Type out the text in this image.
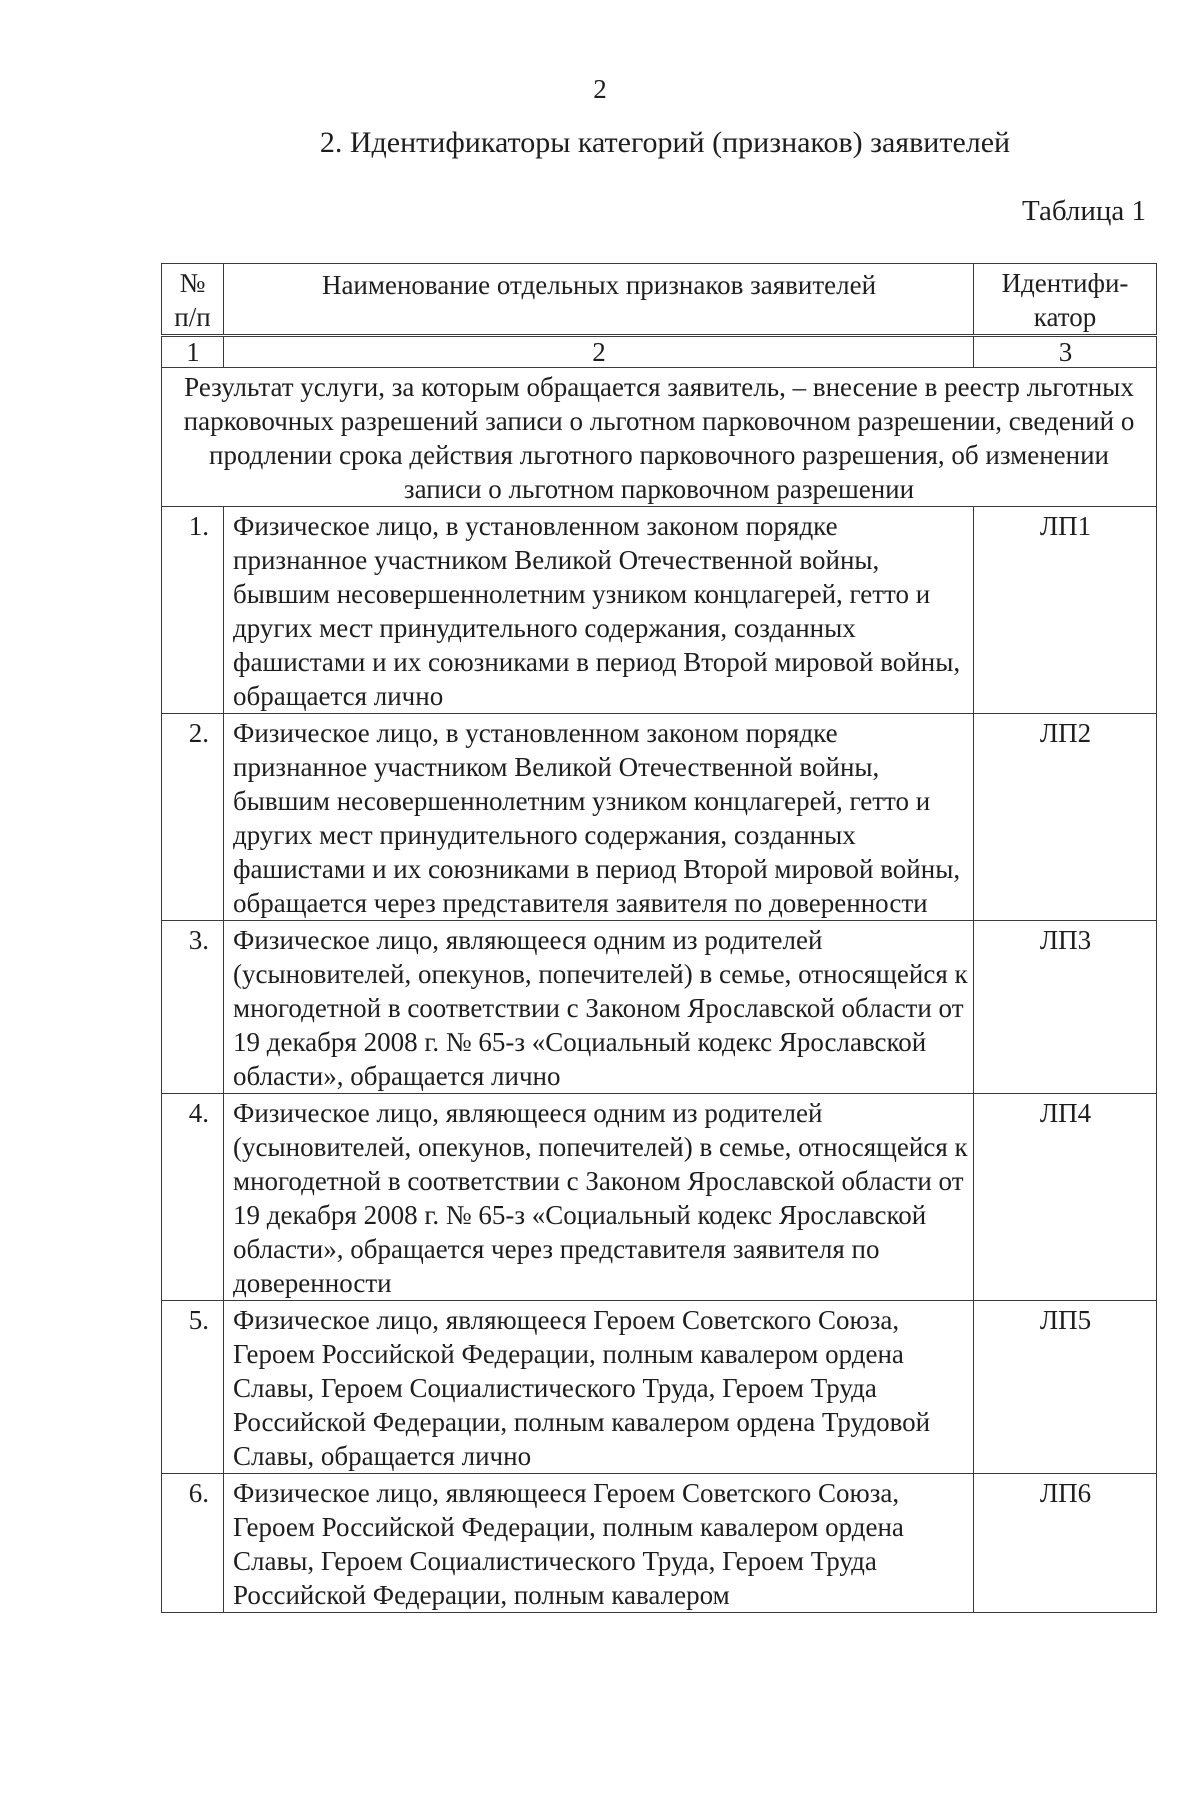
2
2. Идентификаторы категорий (признаков) заявителей
Таблица 1
№ п/п	Наименование отдельных признаков заявителей	Идентифи-катор
1	2	3
Результат услуги, за которым обращается заявитель, – внесение в реестр льготных парковочных разрешений записи о льготном парковочном разрешении, сведений о продлении срока действия льготного парковочного разрешения, об изменении записи о льготном парковочном разрешении		
1.	Физическое лицо, в установленном законом порядке признанное участником Великой Отечественной войны, бывшим несовершеннолетним узником концлагерей, гетто и других мест принудительного содержания, созданных фашистами и их союзниками в период Второй мировой войны, обращается лично	ЛП1
2.	Физическое лицо, в установленном законом порядке признанное участником Великой Отечественной войны, бывшим несовершеннолетним узником концлагерей, гетто и других мест принудительного содержания, созданных фашистами и их союзниками в период Второй мировой войны, обращается через представителя заявителя по доверенности	ЛП2
3.	Физическое лицо, являющееся одним из родителей (усыновителей, опекунов, попечителей) в семье, относящейся к многодетной в соответствии с Законом Ярославской области от 19 декабря 2008 г. № 65-з «Социальный кодекс Ярославской области», обращается лично	ЛП3
4.	Физическое лицо, являющееся одним из родителей (усыновителей, опекунов, попечителей) в семье, относящейся к многодетной в соответствии с Законом Ярославской области от 19 декабря 2008 г. № 65-з «Социальный кодекс Ярославской области», обращается через представителя заявителя по доверенности	ЛП4
5.	Физическое лицо, являющееся Героем Советского Союза, Героем Российской Федерации, полным кавалером ордена Славы, Героем Социалистического Труда, Героем Труда Российской Федерации, полным кавалером ордена Трудовой Славы, обращается лично	ЛП5
6.	Физическое лицо, являющееся Героем Советского Союза, Героем Российской Федерации, полным кавалером ордена Славы, Героем Социалистического Труда, Героем Труда Российской Федерации, полным кавалером	ЛП6
